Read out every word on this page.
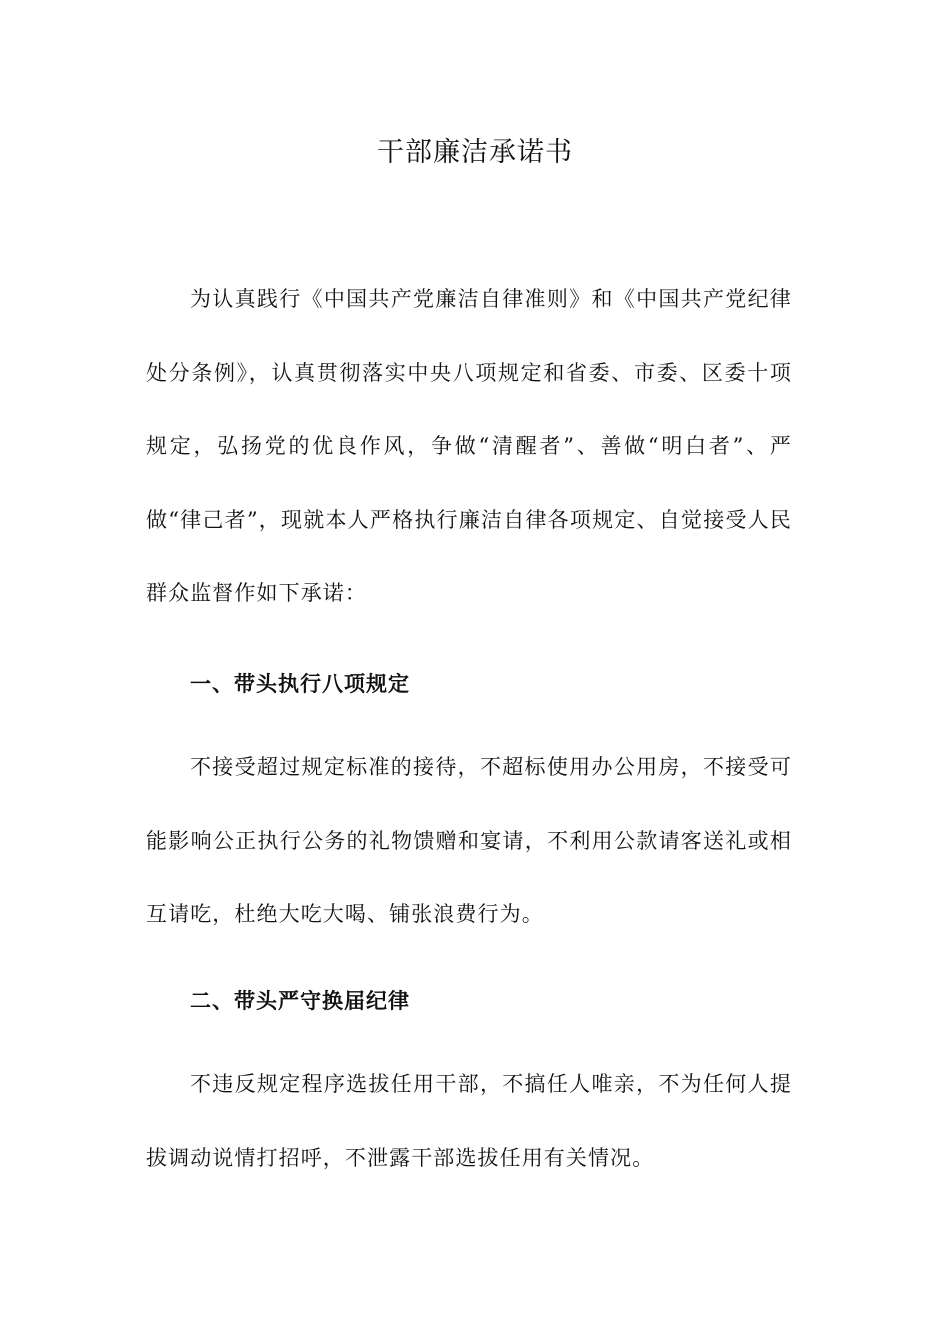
干部廉洁承诺书

为认真践行《中国共产党廉洁自律准则》和《中国共产党纪律处分条例》，认真贯彻落实中央八项规定和省委、市委、区委十项规定，弘扬党的优良作风，争做“清醒者”、善做“明白者”、严做“律己者”，现就本人严格执行廉洁自律各项规定、自觉接受人民群众监督作如下承诺：

一、带头执行八项规定

不接受超过规定标准的接待，不超标使用办公用房，不接受可能影响公正执行公务的礼物馈赠和宴请，不利用公款请客送礼或相互请吃，杜绝大吃大喝、铺张浪费行为。

二、带头严守换届纪律

不违反规定程序选拔任用干部，不搞任人唯亲，不为任何人提拔调动说情打招呼，不泄露干部选拔任用有关情况。
